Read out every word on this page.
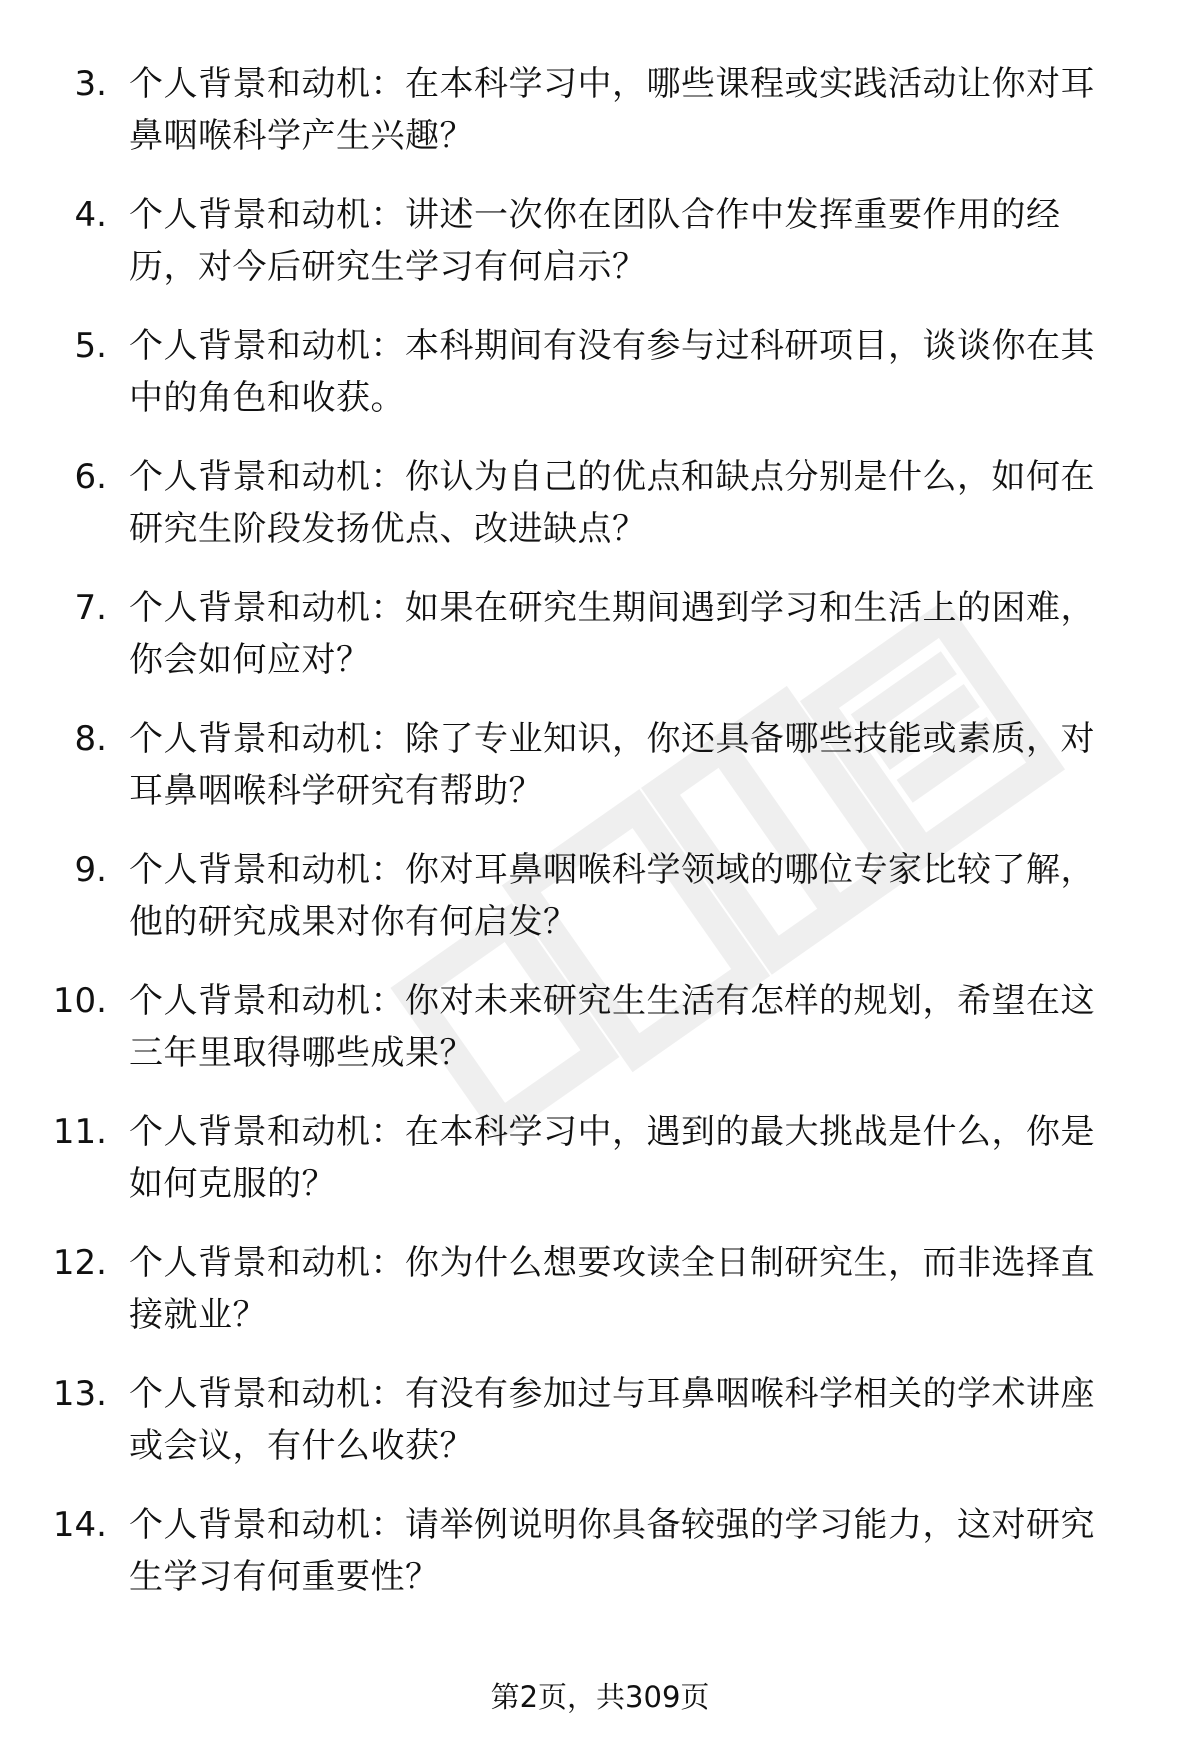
3. 个人背景和动机：在本科学习中，哪些课程或实践活动让你对耳
鼻咽喉科学产生兴趣？
4. 个人背景和动机：讲述一次你在团队合作中发挥重要作用的经
历，对今后研究生学习有何启示？
5. 个人背景和动机：本科期间有没有参与过科研项目，谈谈你在其
中的角色和收获。
6. 个人背景和动机：你认为自己的优点和缺点分别是什么，如何在
研究生阶段发扬优点、改进缺点？
7. 个人背景和动机：如果在研究生期间遇到学习和生活上的困难，
你会如何应对？
8. 个人背景和动机：除了专业知识，你还具备哪些技能或素质，对
耳鼻咽喉科学研究有帮助？
9. 个人背景和动机：你对耳鼻咽喉科学领域的哪位专家比较了解，
他的研究成果对你有何启发？
10. 个人背景和动机：你对未来研究生生活有怎样的规划，希望在这
三年里取得哪些成果？
11. 个人背景和动机：在本科学习中，遇到的最大挑战是什么，你是
如何克服的？
12. 个人背景和动机：你为什么想要攻读全日制研究生，而非选择直
接就业？
13. 个人背景和动机：有没有参加过与耳鼻咽喉科学相关的学术讲座
或会议，有什么收获？
14. 个人背景和动机：请举例说明你具备较强的学习能力，这对研究
生学习有何重要性？
第2页，共309页
